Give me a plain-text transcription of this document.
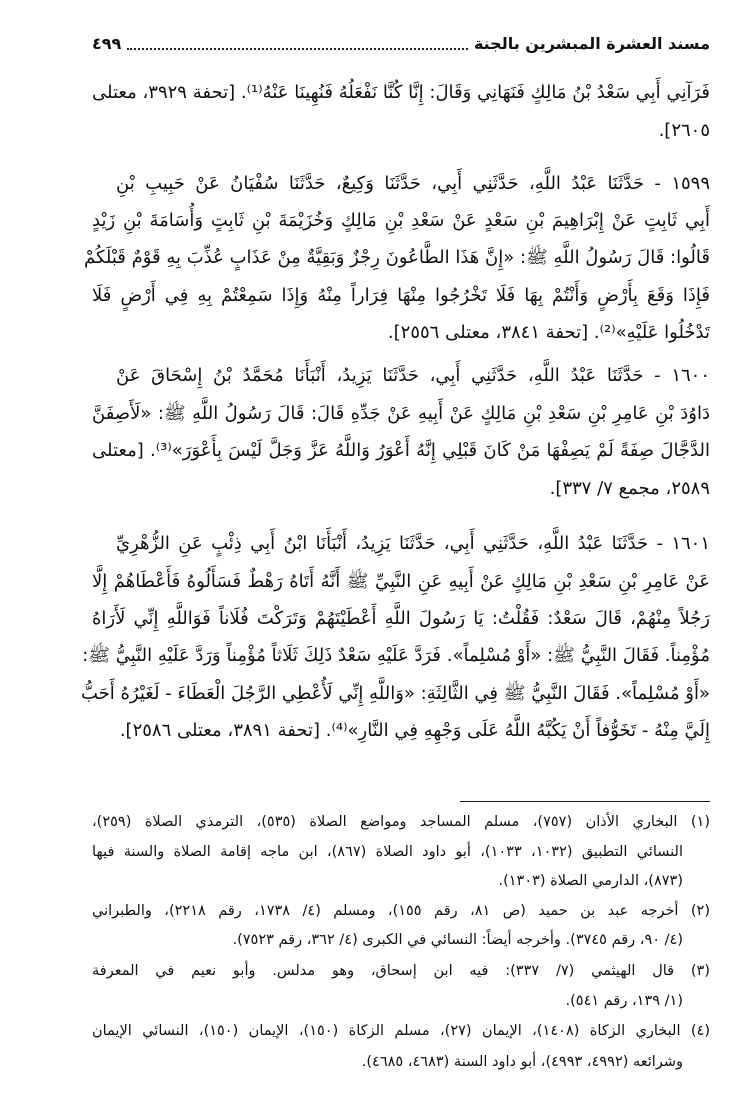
مسند العشرة المبشرين بالجنة
٤٩٩
فَرَآنِي أَبِي سَعْدُ بْنُ مَالِكٍ فَنَهَانِي وَقَالَ: إِنَّا كُنَّا نَفْعَلُهُ فَنُهِينَا عَنْهُ⁽¹⁾. [تحفة ٣٩٢٩، معتلى
٢٦٠٥].
١٥٩٩ - حَدَّثَنَا عَبْدُ اللَّهِ، حَدَّثَنِي أَبِي، حَدَّثَنَا وَكِيعٌ، حَدَّثَنَا سُفْيَانُ عَنْ حَبِيبِ بْنِ
أَبِي ثَابِتٍ عَنْ إِبْرَاهِيمَ بْنِ سَعْدٍ عَنْ سَعْدِ بْنِ مَالِكٍ وَخُزَيْمَةَ بْنِ ثَابِتٍ وَأُسَامَةَ بْنِ زَيْدٍ
قَالُوا: قَالَ رَسُولُ اللَّهِ ﷺ: «إِنَّ هَذَا الطَّاعُونَ رِجْزٌ وَبَقِيَّةٌ مِنْ عَذَابٍ عُذِّبَ بِهِ قَوْمٌ قَبْلَكُمْ
فَإِذَا وَقَعَ بِأَرْضٍ وَأَنْتُمْ بِهَا فَلَا تَخْرُجُوا مِنْهَا فِرَاراً مِنْهُ وَإِذَا سَمِعْتُمْ بِهِ فِي أَرْضٍ فَلَا
تَدْخُلُوا عَلَيْهِ»⁽²⁾. [تحفة ٣٨٤١، معتلى ٢٥٥٦].
١٦٠٠ - حَدَّثَنَا عَبْدُ اللَّهِ، حَدَّثَنِي أَبِي، حَدَّثَنَا يَزِيدُ، أَنْبَأَنَا مُحَمَّدُ بْنُ إِسْحَاقَ عَنْ
دَاوُدَ بْنِ عَامِرِ بْنِ سَعْدِ بْنِ مَالِكٍ عَنْ أَبِيهِ عَنْ جَدِّهِ قَالَ: قَالَ رَسُولُ اللَّهِ ﷺ: «لَأَصِفَنَّ
الدَّجَّالَ صِفَةً لَمْ يَصِفْهَا مَنْ كَانَ قَبْلِي إِنَّهُ أَعْوَرُ وَاللَّهُ عَزَّ وَجَلَّ لَيْسَ بِأَعْوَرَ»⁽³⁾. [معتلى
٢٥٨٩، مجمع ٧/ ٣٣٧].
١٦٠١ - حَدَّثَنَا عَبْدُ اللَّهِ، حَدَّثَنِي أَبِي، حَدَّثَنَا يَزِيدُ، أَنْبَأَنَا ابْنُ أَبِي ذِئْبٍ عَنِ الزُّهْرِيِّ
عَنْ عَامِرِ بْنِ سَعْدِ بْنِ مَالِكٍ عَنْ أَبِيهِ عَنِ النَّبِيِّ ﷺ أَنَّهُ أَتَاهُ رَهْطٌ فَسَأَلُوهُ فَأَعْطَاهُمْ إِلَّا
رَجُلاً مِنْهُمْ، قَالَ سَعْدٌ: فَقُلْتُ: يَا رَسُولَ اللَّهِ أَعْطَيْتَهُمْ وَتَرَكْتَ فُلَاناً فَوَاللَّهِ إِنِّي لَأَرَاهُ
مُؤْمِناً. فَقَالَ النَّبِيُّ ﷺ: «أَوْ مُسْلِماً». فَرَدَّ عَلَيْهِ سَعْدٌ ذَلِكَ ثَلَاثاً مُؤْمِناً وَرَدَّ عَلَيْهِ النَّبِيُّ ﷺ:
«أَوْ مُسْلِماً». فَقَالَ النَّبِيُّ ﷺ فِي الثَّالِثَةِ: «وَاللَّهِ إِنِّي لَأُعْطِي الرَّجُلَ الْعَطَاءَ - لَغَيْرُهُ أَحَبُّ
إِلَيَّ مِنْهُ - تَخَوُّفاً أَنْ يَكُبَّهُ اللَّهُ عَلَى وَجْهِهِ فِي النَّارِ»⁽⁴⁾. [تحفة ٣٨٩١، معتلى ٢٥٨٦].
(١) البخاري الأذان (٧٥٧)، مسلم المساجد ومواضع الصلاة (٥٣٥)، الترمذي الصلاة (٢٥٩)،
النسائي التطبيق (١٠٣٢، ١٠٣٣)، أبو داود الصلاة (٨٦٧)، ابن ماجه إقامة الصلاة والسنة فيها
(٨٧٣)، الدارمي الصلاة (١٣٠٣).
(٢) أخرجه عبد بن حميد (ص ٨١، رقم ١٥٥)، ومسلم (٤/ ١٧٣٨، رقم ٢٢١٨)، والطبراني
(٤/ ٩٠، رقم ٣٧٤٥). وأخرجه أيضاً: النسائي في الكبرى (٤/ ٣٦٢، رقم ٧٥٢٣).
(٣) قال الهيثمي (٧/ ٣٣٧): فيه ابن إسحاق، وهو مدلس. وأبو نعيم في المعرفة
(١/ ١٣٩، رقم ٥٤١).
(٤) البخاري الزكاة (١٤٠٨)، الإيمان (٢٧)، مسلم الزكاة (١٥٠)، الإيمان (١٥٠)، النسائي الإيمان
وشرائعه (٤٩٩٢، ٤٩٩٣)، أبو داود السنة (٤٦٨٣، ٤٦٨٥).
